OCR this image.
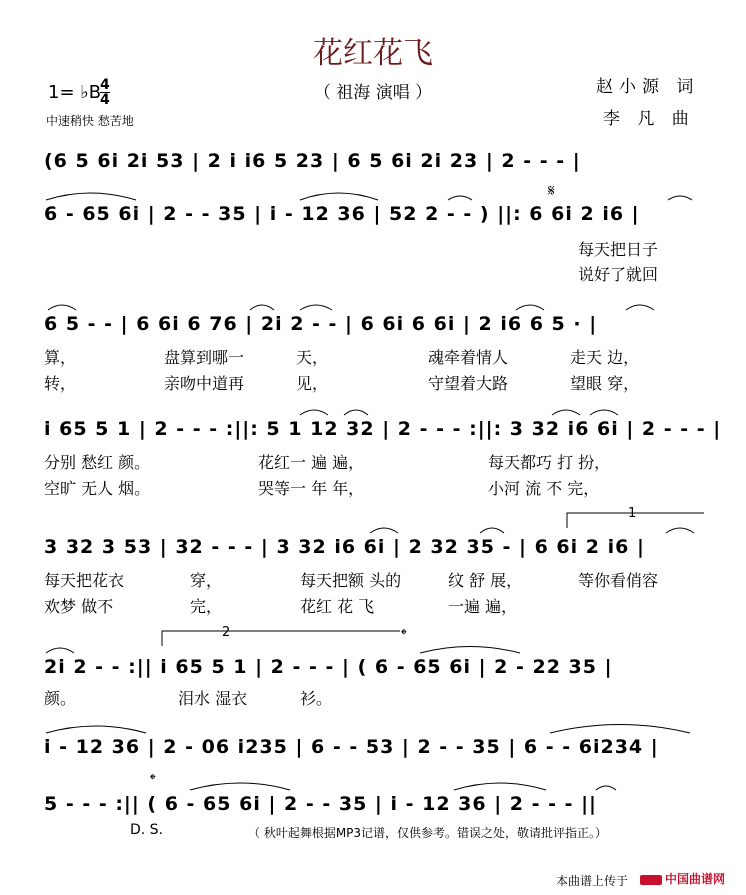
花红花飞
（ 祖海 演唱 ）	赵小源 词
李 凡 曲
1= ♭B
4
4
中速稍快 愁苦地
(6 5 6i 2i 53 | 2 i i6 5 23 | 6 5 6i 2i 23 | 2 - - - |
6 - 65 6i | 2 - - 35 | i - 12 36 | 52 2 - - ) ||: 6 6i 2 i6 |
每天把日子
说好了就回
6 5 - - | 6 6i 6 76 | 2i 2 - - | 6 6i 6 6i | 2 i6 6 5 · |
算，	盘算到哪一	天，	魂牵着情人	走天 边，
转，	亲吻中道再	见，	守望着大路	望眼 穿，
i 65 5 1 | 2 - - - :||: 5 1 12 32 | 2 - - - :||: 3 32 i6 6i | 2 - - - |
分别 愁红 颜。	花红一 遍 遍，	每天都巧 打 扮，
空旷 无人 烟。	哭等一 年 年，	小河 流 不 完，
3 32 3 53 | 32 - - - | 3 32 i6 6i | 2 32 35 - | 6 6i 2 i6 |
每天把花衣	穿，	每天把额 头的	纹 舒 展，	等你看俏容
欢梦 做不	完，	花红 花 飞	一遍 遍，
2i 2 - - :|| i 65 5 1 | 2 - - - | ( 6 - 65 6i | 2 - 22 35 |
颜。	泪水 湿衣	衫。
i - 12 36 | 2 - 06 i235 | 6 - - 53 | 2 - - 35 | 6 - - 6i234 |
5 - - - :|| ( 6 - 65 6i | 2 - - 35 | i - 12 36 | 2 - - - ||
1
2
𝄋
𝄌
𝄌
D. S.	（ 秋叶起舞根据MP3记谱，仅供参考。错误之处，敬请批评指正。）
本曲谱上传于	中国曲谱网
